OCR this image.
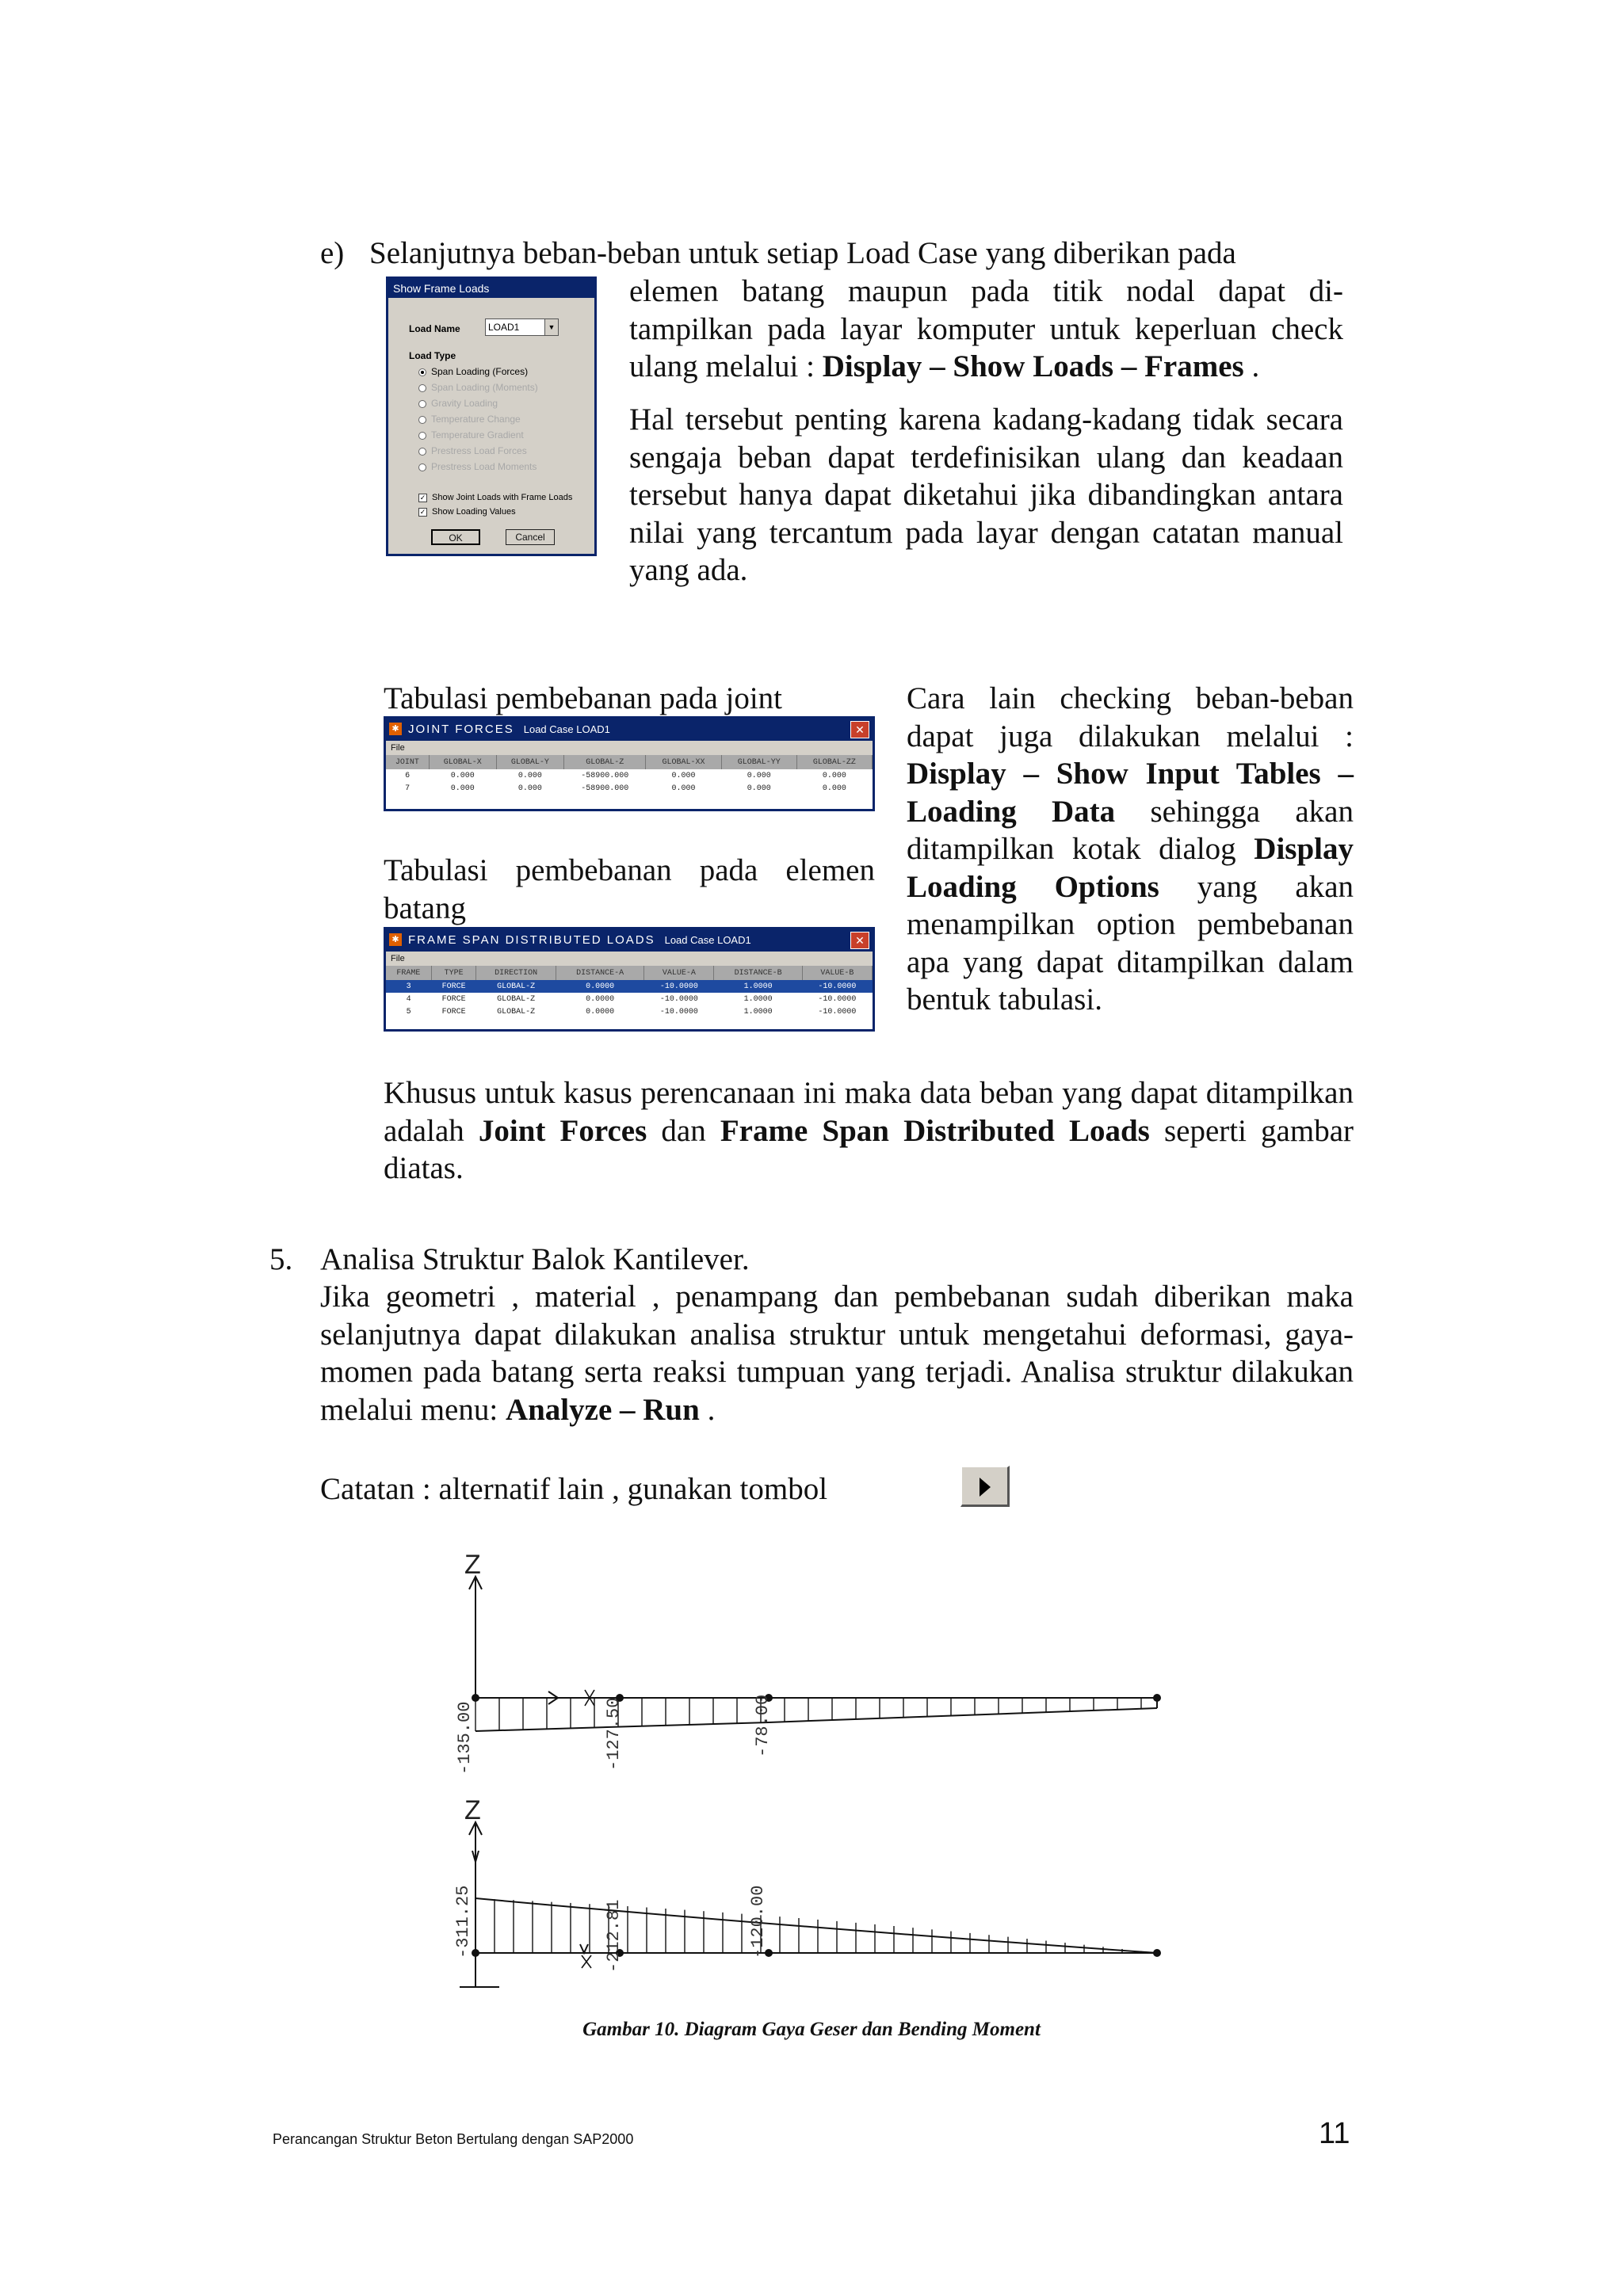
e) Selanjutnya beban-beban untuk setiap Load Case yang diberikan pada
elemen batang maupun pada titik nodal dapat di-tampilkan pada layar komputer untuk keperluan check ulang melalui : Display – Show Loads – Frames .
Hal tersebut penting karena kadang-kadang tidak secara sengaja beban dapat terdefinisikan ulang dan keadaan tersebut hanya dapat diketahui jika dibandingkan antara nilai yang tercantum pada layar dengan catatan manual yang ada.
Show Frame Loads
Load Name	LOAD1	▼
Load Type
Span Loading (Forces)
Span Loading (Moments)
Gravity Loading
Temperature Change
Temperature Gradient
Prestress Load Forces
Prestress Load Moments
✓ Show Joint Loads with Frame Loads
✓ Show Loading Values
OK	Cancel
Tabulasi pembebanan pada joint
✱ JOINT FORCES Load Case LOAD1	✕
File
JOINT	GLOBAL-X	GLOBAL-Y	GLOBAL-Z	GLOBAL-XX	GLOBAL-YY	GLOBAL-ZZ
6	0.000	0.000	-58900.000	0.000	0.000	0.000
7	0.000	0.000	-58900.000	0.000	0.000	0.000
Tabulasi pembebanan pada elemen batang
✱ FRAME SPAN DISTRIBUTED LOADS Load Case LOAD1	✕
File
FRAME	TYPE	DIRECTION	DISTANCE-A	VALUE-A	DISTANCE-B	VALUE-B
3	FORCE	GLOBAL-Z	0.0000	-10.0000	1.0000	-10.0000
4	FORCE	GLOBAL-Z	0.0000	-10.0000	1.0000	-10.0000
5	FORCE	GLOBAL-Z	0.0000	-10.0000	1.0000	-10.0000
Cara lain checking beban-beban dapat juga dilakukan melalui : Display – Show Input Tables – Loading Data sehingga akan ditampilkan kotak dialog Display Loading Options yang akan menampilkan option pembebanan apa yang dapat ditampilkan dalam bentuk tabulasi.
Khusus untuk kasus perencanaan ini maka data beban yang dapat ditampilkan adalah Joint Forces dan Frame Span Distributed Loads seperti gambar diatas.
5. Analisa Struktur Balok Kantilever.
Jika geometri , material , penampang dan pembebanan sudah diberikan maka selanjutnya dapat dilakukan analisa struktur untuk mengetahui deformasi, gaya-momen pada batang serta reaksi tumpuan yang terjadi. Analisa struktur dilakukan melalui menu: Analyze – Run .
Catatan : alternatif lain , gunakan tombol
Z
-135.00	-127.50	-78.00
Z
-311.25	-212.81	-120.00
Gambar 10. Diagram Gaya Geser dan Bending Moment
Perancangan Struktur Beton Bertulang dengan SAP2000	11
